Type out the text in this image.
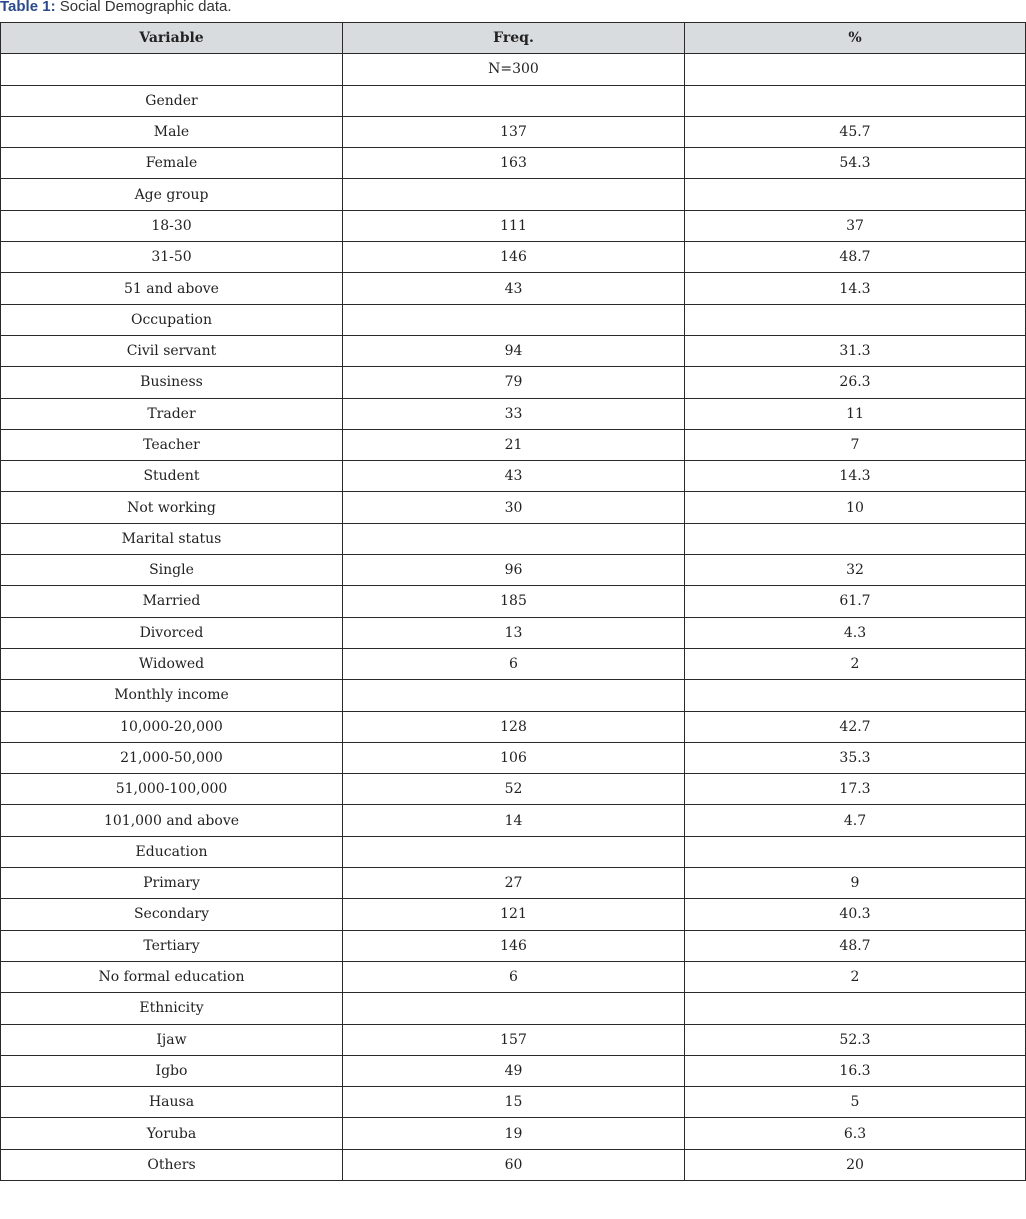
Table 1: Social Demographic data.
Variable	Freq.	%
	N=300	
Gender		
Male	137	45.7
Female	163	54.3
Age group		
18-30	111	37
31-50	146	48.7
51 and above	43	14.3
Occupation		
Civil servant	94	31.3
Business	79	26.3
Trader	33	11
Teacher	21	7
Student	43	14.3
Not working	30	10
Marital status		
Single	96	32
Married	185	61.7
Divorced	13	4.3
Widowed	6	2
Monthly income		
10,000-20,000	128	42.7
21,000-50,000	106	35.3
51,000-100,000	52	17.3
101,000 and above	14	4.7
Education		
Primary	27	9
Secondary	121	40.3
Tertiary	146	48.7
No formal education	6	2
Ethnicity		
Ijaw	157	52.3
Igbo	49	16.3
Hausa	15	5
Yoruba	19	6.3
Others	60	20
